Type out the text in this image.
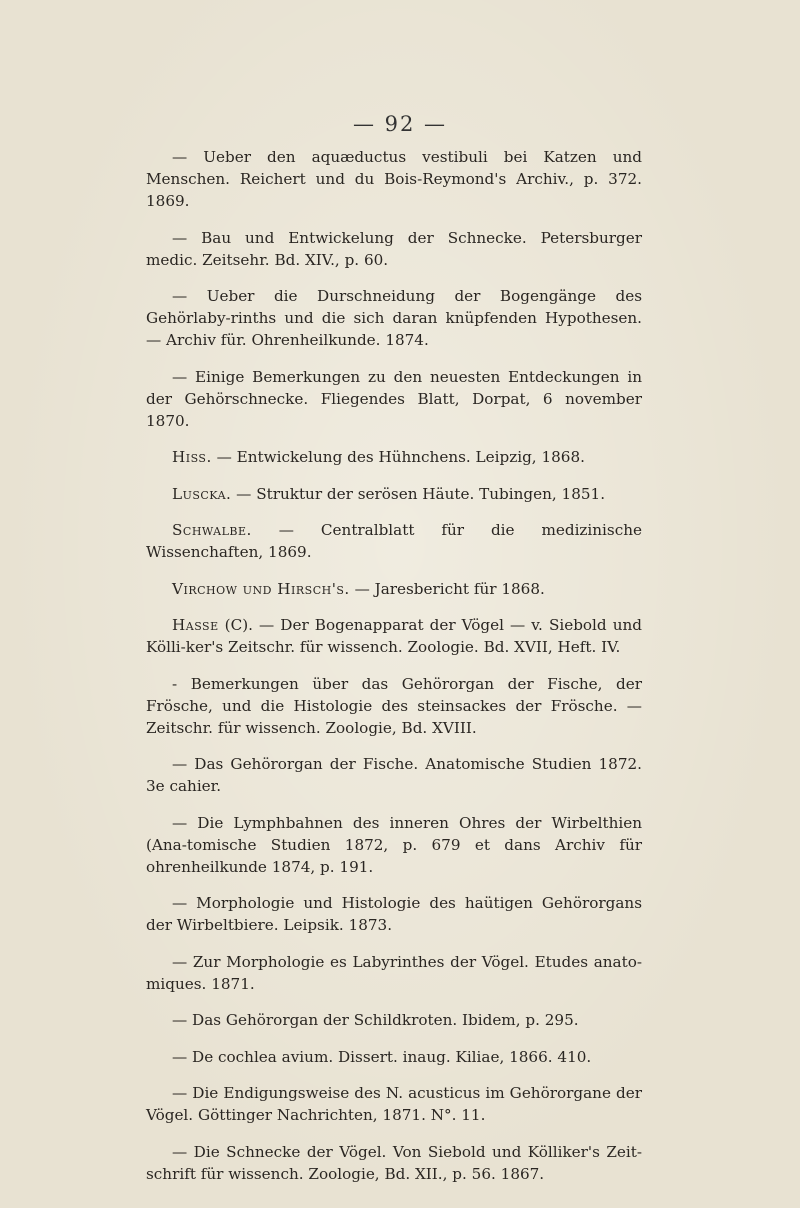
— 92 —

— Ueber den aquæductus vestibuli bei Katzen und Menschen. Reichert und du Bois-Reymond's Archiv., p. 372. 1869.

— Bau und Entwickelung der Schnecke. Petersburger medic. Zeitsehr. Bd. XIV., p. 60.

— Ueber die Durschneidung der Bogengänge des Gehörlaby-rinths und die sich daran knüpfenden Hypothesen. — Archiv für. Ohrenheilkunde. 1874.

— Einige Bemerkungen zu den neuesten Entdeckungen in der Gehörschnecke. Fliegendes Blatt, Dorpat, 6 november 1870.

Hiss. — Entwickelung des Hühnchens. Leipzig, 1868.

Luscka. — Struktur der serösen Häute. Tubingen, 1851.

Schwalbe. — Centralblatt für die medizinische Wissenchaften, 1869.

Virchow und Hirsch's. — Jaresbericht für 1868.

Hasse (C). — Der Bogenapparat der Vögel — v. Siebold und Kölli-ker's Zeitschr. für wissench. Zoologie. Bd. XVII, Heft. IV.

- Bemerkungen über das Gehörorgan der Fische, der Frösche, und die Histologie des steinsackes der Frösche. — Zeitschr. für wissench. Zoologie, Bd. XVIII.

— Das Gehörorgan der Fische. Anatomische Studien 1872. 3e cahier.

— Die Lymphbahnen des inneren Ohres der Wirbelthien (Ana-tomische Studien 1872, p. 679 et dans Archiv für ohrenheilkunde 1874, p. 191.

— Morphologie und Histologie des haütigen Gehörorgans der Wirbeltbiere. Leipsik. 1873.

— Zur Morphologie es Labyrinthes der Vögel. Etudes anato-miques. 1871.

— Das Gehörorgan der Schildkroten. Ibidem, p. 295.

— De cochlea avium. Dissert. inaug. Kiliae, 1866. 410.

— Die Endigungsweise des N. acusticus im Gehörorgane der Vögel. Göttinger Nachrichten, 1871. N°. 11.

— Die Schnecke der Vögel. Von Siebold und Kölliker's Zeit-schrift für wissench. Zoologie, Bd. XII., p. 56. 1867.
